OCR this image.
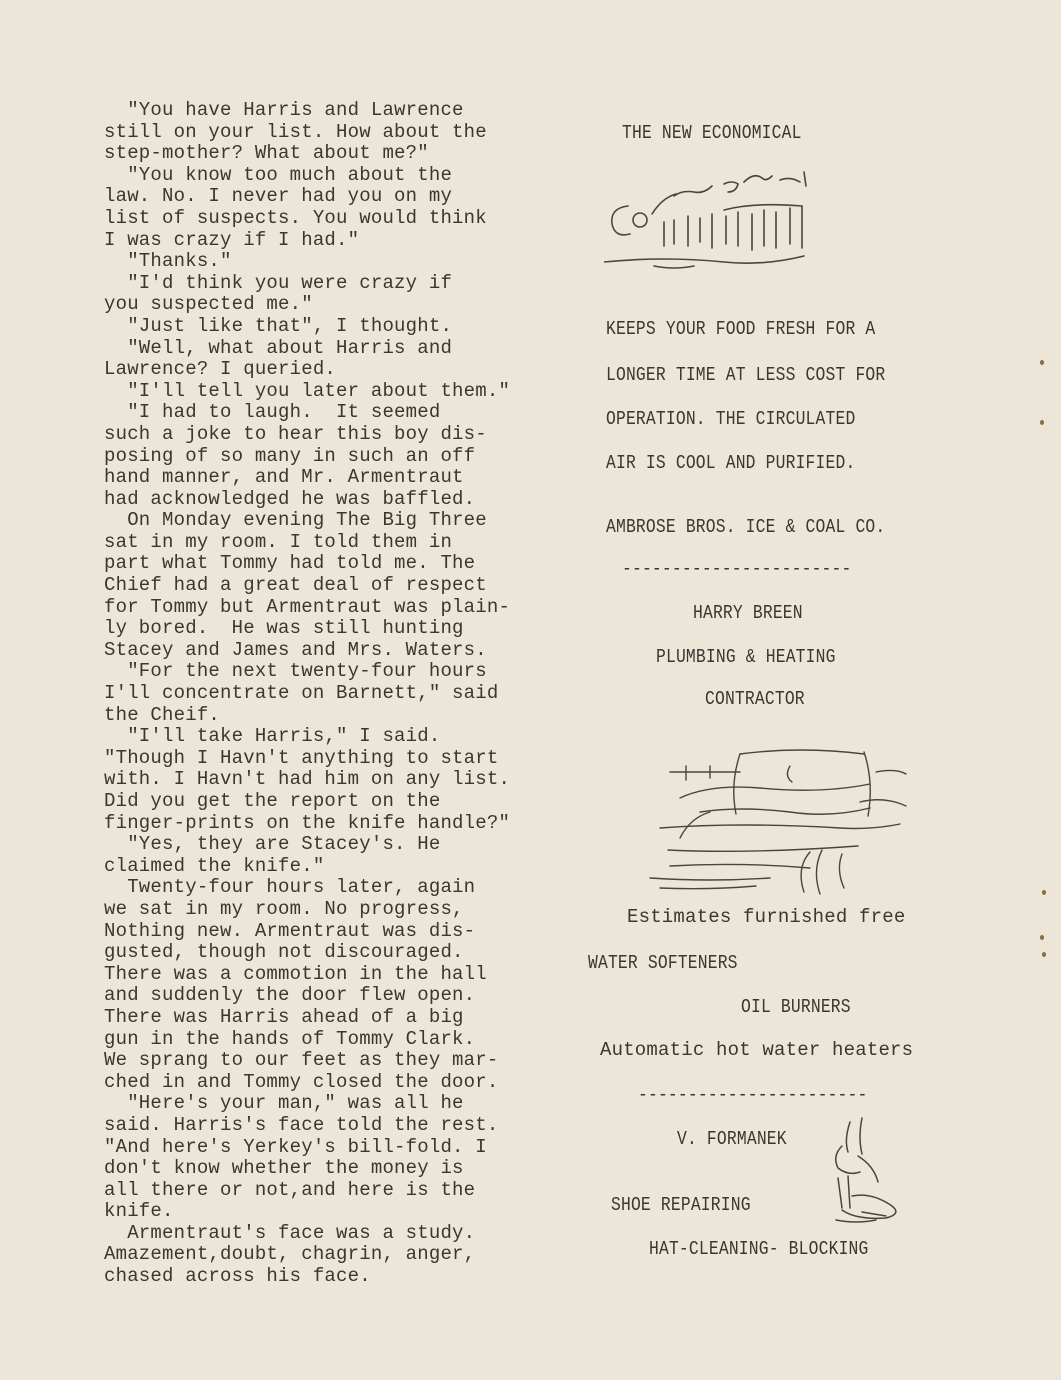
"You have Harris and Lawrence
still on your list. How about the
step-mother? What about me?"
"You know too much about the
law. No. I never had you on my
list of suspects. You would think
I was crazy if I had."
"Thanks."
"I'd think you were crazy if
you suspected me."
"Just like that", I thought.
"Well, what about Harris and
Lawrence? I queried.
"I'll tell you later about them."
"I had to laugh.  It seemed
such a joke to hear this boy dis-
posing of so many in such an off
hand manner, and Mr. Armentraut
had acknowledged he was baffled.
On Monday evening The Big Three
sat in my room. I told them in
part what Tommy had told me. The
Chief had a great deal of respect
for Tommy but Armentraut was plain-
ly bored.  He was still hunting
Stacey and James and Mrs. Waters.
"For the next twenty-four hours
I'll concentrate on Barnett," said
the Cheif.
"I'll take Harris," I said.
"Though I Havn't anything to start
with. I Havn't had him on any list.
Did you get the report on the
finger-prints on the knife handle?"
"Yes, they are Stacey's. He
claimed the knife."
Twenty-four hours later, again
we sat in my room. No progress,
Nothing new. Armentraut was dis-
gusted, though not discouraged.
There was a commotion in the hall
and suddenly the door flew open.
There was Harris ahead of a big
gun in the hands of Tommy Clark.
We sprang to our feet as they mar-
ched in and Tommy closed the door.
"Here's your man," was all he
said. Harris's face told the rest.
"And here's Yerkey's bill-fold. I
don't know whether the money is
all there or not,and here is the
knife.
Armentraut's face was a study.
Amazement,doubt, chagrin, anger,
chased across his face.
THE NEW ECONOMICAL
KEEPS YOUR FOOD FRESH FOR A
LONGER TIME AT LESS COST FOR
OPERATION. THE CIRCULATED
AIR IS COOL AND PURIFIED.
AMBROSE BROS. ICE & COAL CO.
-----------------------
HARRY BREEN
PLUMBING & HEATING
CONTRACTOR
Estimates furnished free
WATER SOFTENERS
OIL BURNERS
Automatic hot water heaters
-----------------------
V. FORMANEK
SHOE REPAIRING
HAT-CLEANING- BLOCKING
